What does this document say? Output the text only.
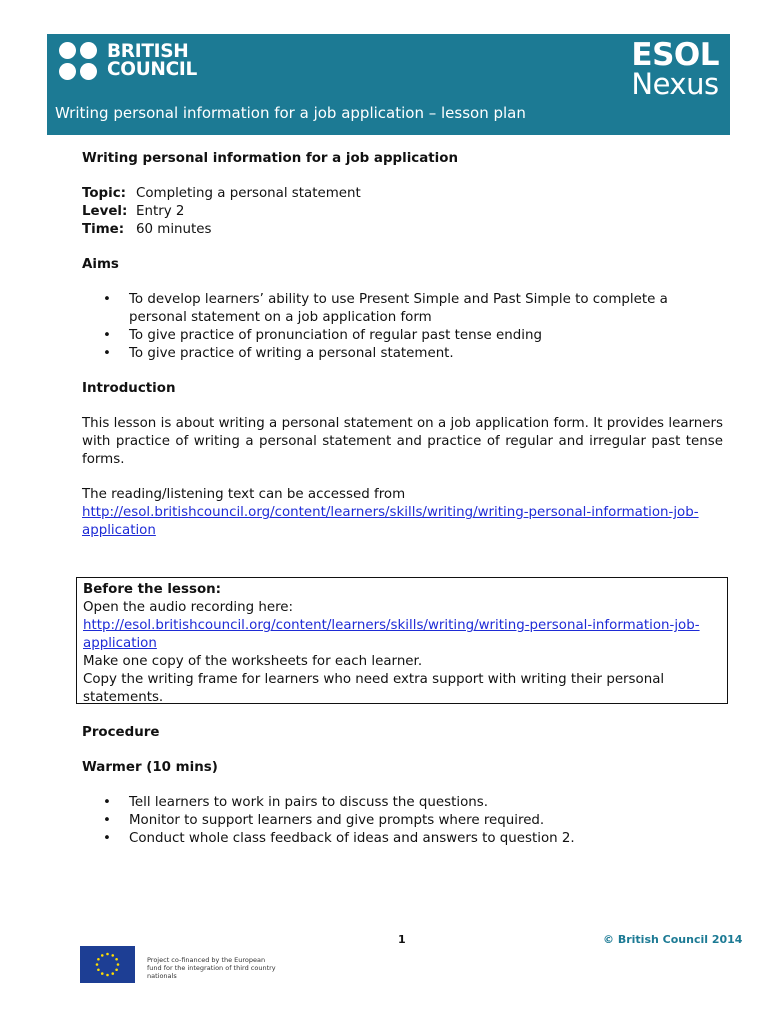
BRITISH
COUNCIL	ESOL
Nexus
Writing personal information for a job application – lesson plan

Writing personal information for a job application

Topic: Completing a personal statement
Level: Entry 2
Time: 60 minutes

Aims

• To develop learners’ ability to use Present Simple and Past Simple to complete a personal statement on a job application form
• To give practice of pronunciation of regular past tense ending
• To give practice of writing a personal statement.

Introduction

This lesson is about writing a personal statement on a job application form. It provides learners with practice of writing a personal statement and practice of regular and irregular past tense forms.

The reading/listening text can be accessed from

http://esol.britishcouncil.org/content/learners/skills/writing/writing-personal-information-job-application

Before the lesson:

Open the audio recording here:

http://esol.britishcouncil.org/content/learners/skills/writing/writing-personal-information-job-application

Make one copy of the worksheets for each learner.

Copy the writing frame for learners who need extra support with writing their personal statements.

Procedure

Warmer (10 mins)

• Tell learners to work in pairs to discuss the questions.
• Monitor to support learners and give prompts where required.
• Conduct whole class feedback of ideas and answers to question 2.
1	© British Council 2014
Project co-financed by the European fund for the integration of third country nationals
